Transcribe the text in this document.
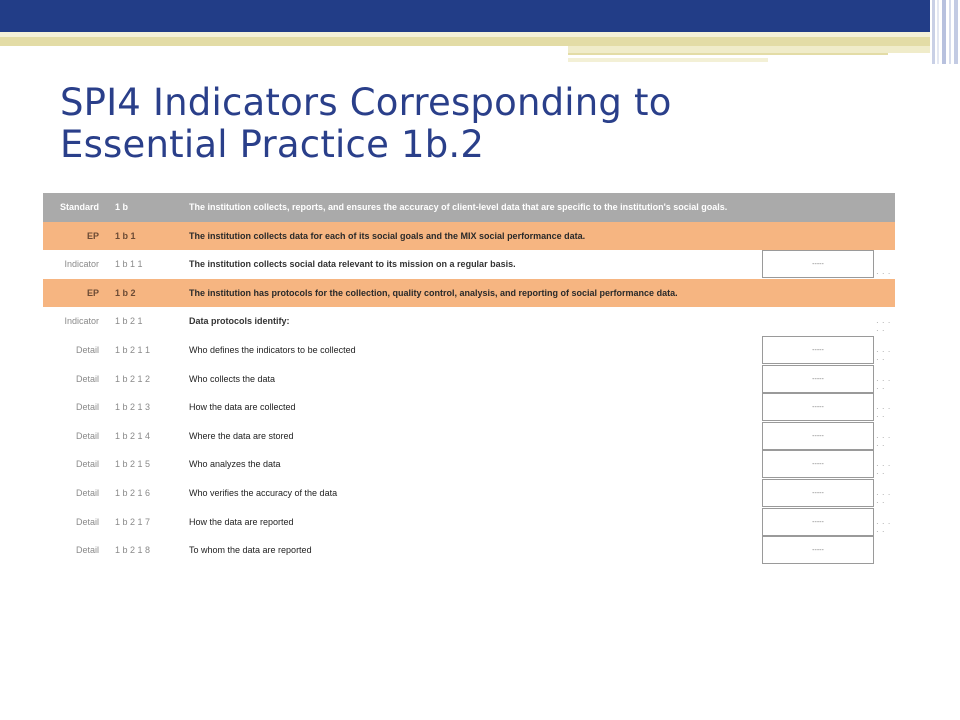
SPI4 Indicators Corresponding to
Essential Practice 1b.2
Standard 1 b	The institution collects, reports, and ensures the accuracy of client-level data that are specific to the institution's social goals.
EP 1 b 1	The institution collects data for each of its social goals and the MIX social performance data.
Indicator 1 b 1 1	The institution collects social data relevant to its mission on a regular basis.	-----
· · ·
EP 1 b 2	The institution has protocols for the collection, quality control, analysis, and reporting of social performance data.
Indicator 1 b 2 1	Data protocols identify:	· · · · ·
Detail 1 b 2 1 1	Who defines the indicators to be collected	-----	· · · · ·
Detail 1 b 2 1 2	Who collects the data	-----	· · · · ·
Detail 1 b 2 1 3	How the data are collected	-----	· · · · ·
Detail 1 b 2 1 4	Where the data are stored	-----	· · · · ·
Detail 1 b 2 1 5	Who analyzes the data	-----	· · · · ·
Detail 1 b 2 1 6	Who verifies the accuracy of the data	-----	· · · · ·
Detail 1 b 2 1 7	How the data are reported	-----	· · · · ·
Detail 1 b 2 1 8	To whom the data are reported	-----
